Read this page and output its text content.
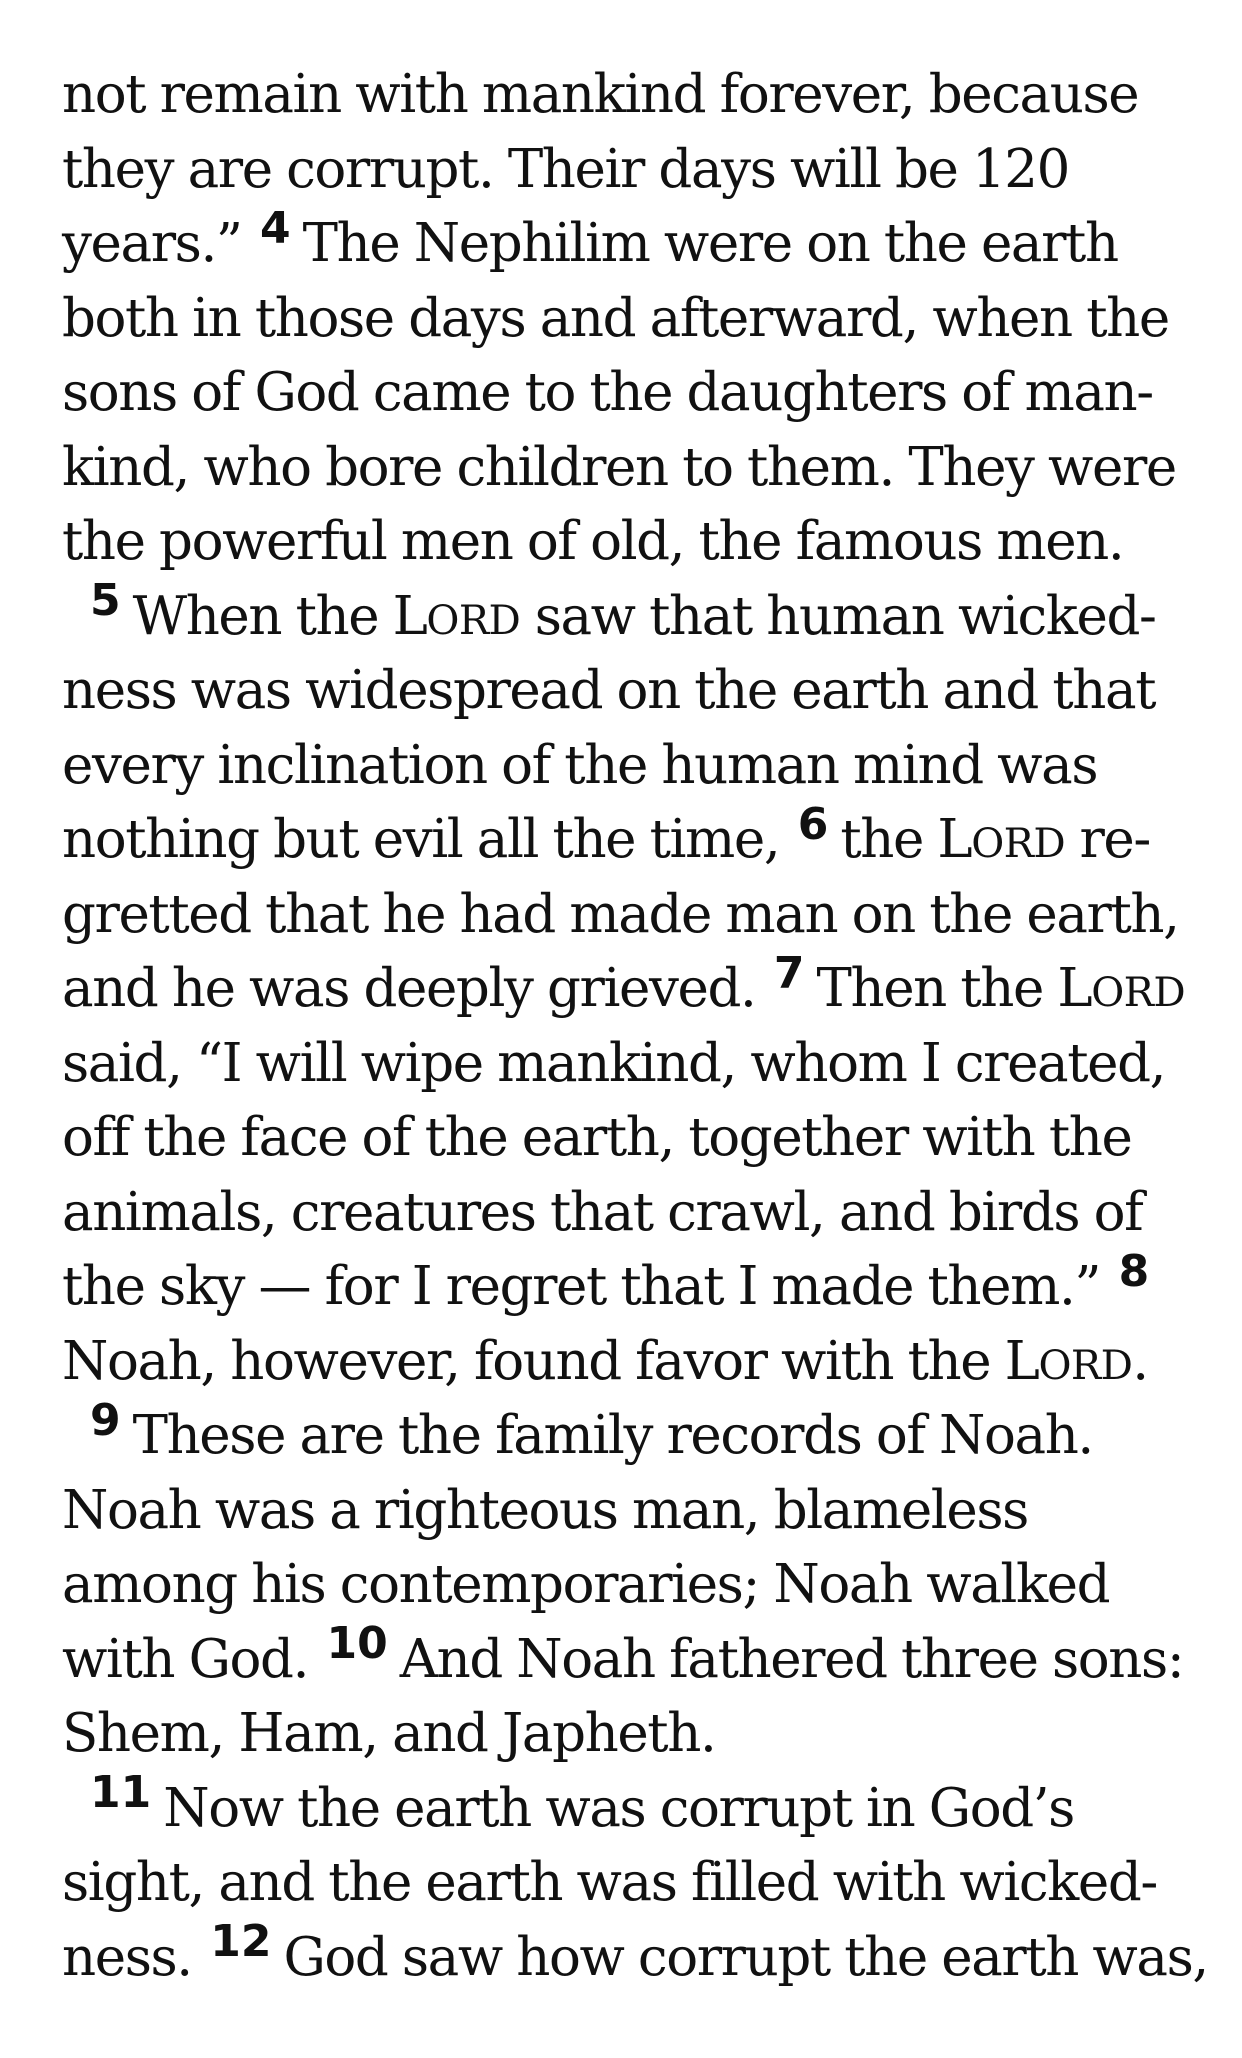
not remain with mankind forever, because
they are corrupt. Their days will be 120
years.” $^4$ The Nephilim were on the earth
both in those days and afterward, when the
sons of God came to the daughters of man-
kind, who bore children to them. They were
the powerful men of old, the famous men.
$^5$ When the LORD saw that human wicked-
ness was widespread on the earth and that
every inclination of the human mind was
nothing but evil all the time, $^6$ the LORD re-
gretted that he had made man on the earth,
and he was deeply grieved. $^7$ Then the LORD
said, “I will wipe mankind, whom I created,
off the face of the earth, together with the
animals, creatures that crawl, and birds of
the sky — for I regret that I made them.” $^8$
Noah, however, found favor with the LORD.
$^9$ These are the family records of Noah.
Noah was a righteous man, blameless
among his contemporaries; Noah walked
with God. $^{10}$ And Noah fathered three sons:
Shem, Ham, and Japheth.
$^{11}$ Now the earth was corrupt in God’s
sight, and the earth was filled with wicked-
ness. $^{12}$ God saw how corrupt the earth was,
